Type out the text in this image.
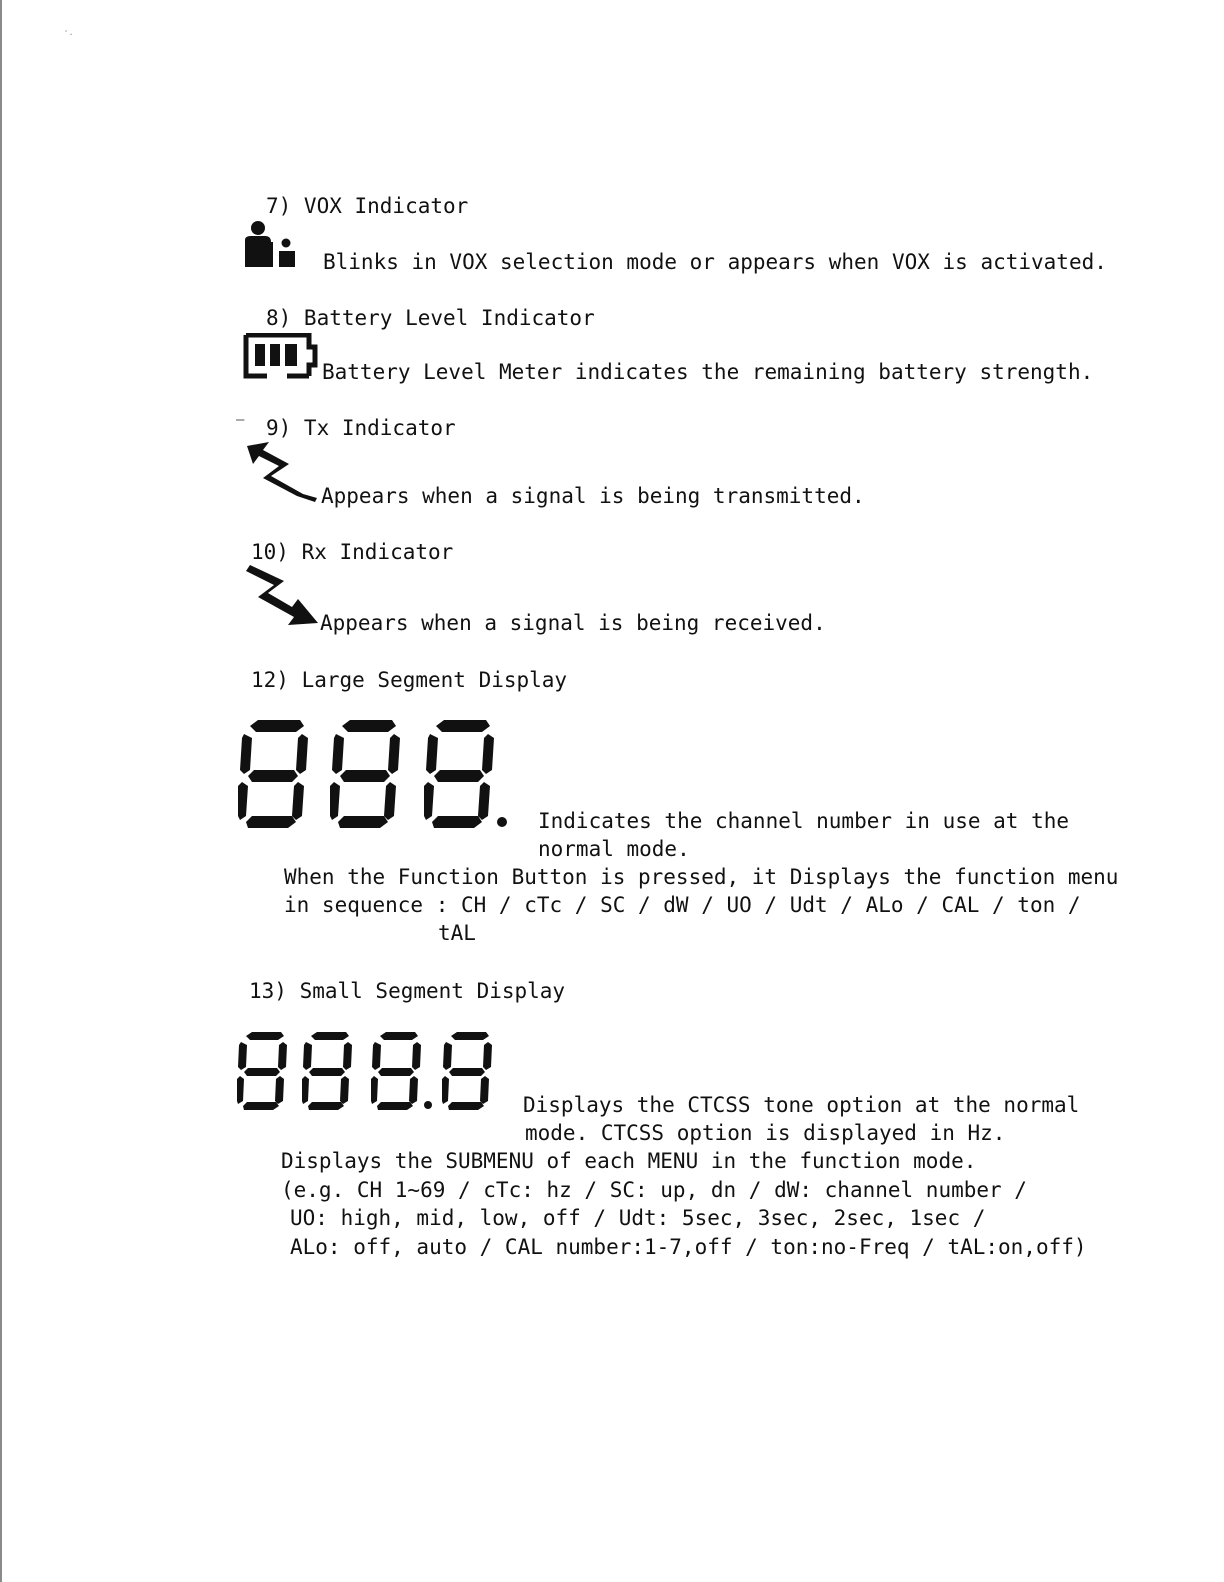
⋅⋅
7) VOX Indicator
Blinks in VOX selection mode or appears when VOX is activated.
8) Battery Level Indicator
Battery Level Meter indicates the remaining battery strength.
– 9) Tx Indicator
Appears when a signal is being transmitted.
10) Rx Indicator
Appears when a signal is being received.
12) Large Segment Display
Indicates the channel number in use at the
normal mode.
When the Function Button is pressed, it Displays the function menu
in sequence : CH / cTc / SC / dW / UO / Udt / ALo / CAL / ton /
tAL
13) Small Segment Display
Displays the CTCSS tone option at the normal
mode. CTCSS option is displayed in Hz.
Displays the SUBMENU of each MENU in the function mode.
(e.g. CH 1~69 / cTc: hz / SC: up, dn / dW: channel number /
UO: high, mid, low, off / Udt: 5sec, 3sec, 2sec, 1sec /
ALo: off, auto / CAL number:1-7,off / ton:no-Freq / tAL:on,off)
